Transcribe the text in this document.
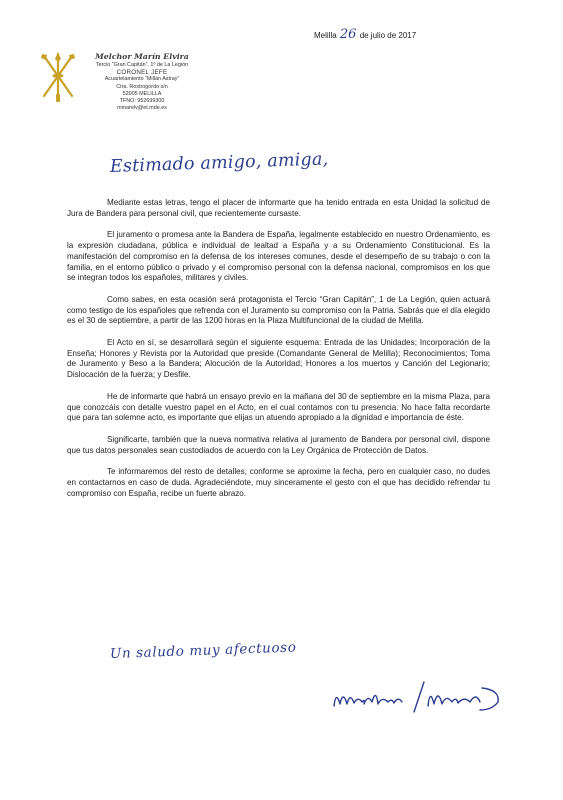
Melchor Marín Elvira
Tercio “Gran Capitán”, 1º de La Legión
CORONEL JEFE
Acuartelamiento “Millán Astray”
Ctra. Rostrogordo s/n
52005 MELILLA
TFNO: 952699300
mmarelv@et.mde.es
Melilla 26 de julio de 2017
Estimado amigo, amiga,

Mediante estas letras, tengo el placer de informarte que ha tenido entrada en esta Unidad la solicitud de Jura de Bandera para personal civil, que recientemente cursaste.

El juramento o promesa ante la Bandera de España, legalmente establecido en nuestro Ordenamiento, es la expresión ciudadana, pública e individual de lealtad a España y a su Ordenamiento Constitucional. Es la manifestación del compromiso en la defensa de los intereses comunes, desde el desempeño de su trabajo o con la familia, en el entorno público o privado y el compromiso personal con la defensa nacional, compromisos en los que se integran todos los españoles, militares y civiles.

Como sabes, en esta ocasión será protagonista el Tercio “Gran Capitán”, 1 de La Legión, quien actuará como testigo de los españoles que refrenda con el Juramento su compromiso con la Patria. Sabrás que el día elegido es el 30 de septiembre, a partir de las 1200 horas en la Plaza Multifuncional de la ciudad de Melilla.

El Acto en sí, se desarrollará según el siguiente esquema: Entrada de las Unidades; Incorporación de la Enseña; Honores y Revista por la Autoridad que preside (Comandante General de Melilla); Reconocimientos; Toma de Juramento y Beso a la Bandera; Alocución de la Autoridad; Honores a los muertos y Canción del Legionario; Dislocación de la fuerza; y Desfile.

He de informarte que habrá un ensayo previo en la mañana del 30 de septiembre en la misma Plaza, para que conozcáis con detalle vuestro papel en el Acto, en el cual contamos con tu presencia. No hace falta recordarte que para tan solemne acto, es importante que elijas un atuendo apropiado a la dignidad e importancia de éste.

Significarte, también que la nueva normativa relativa al juramento de Bandera por personal civil, dispone que tus datos personales sean custodiados de acuerdo con la Ley Orgánica de Protección de Datos.

Te informaremos del resto de detalles, conforme se aproxime la fecha, pero en cualquier caso, no dudes en contactarnos en caso de duda. Agradeciéndote, muy sinceramente el gesto con el que has decidido refrendar tu compromiso con España, recibe un fuerte abrazo.

Un saludo muy afectuoso
